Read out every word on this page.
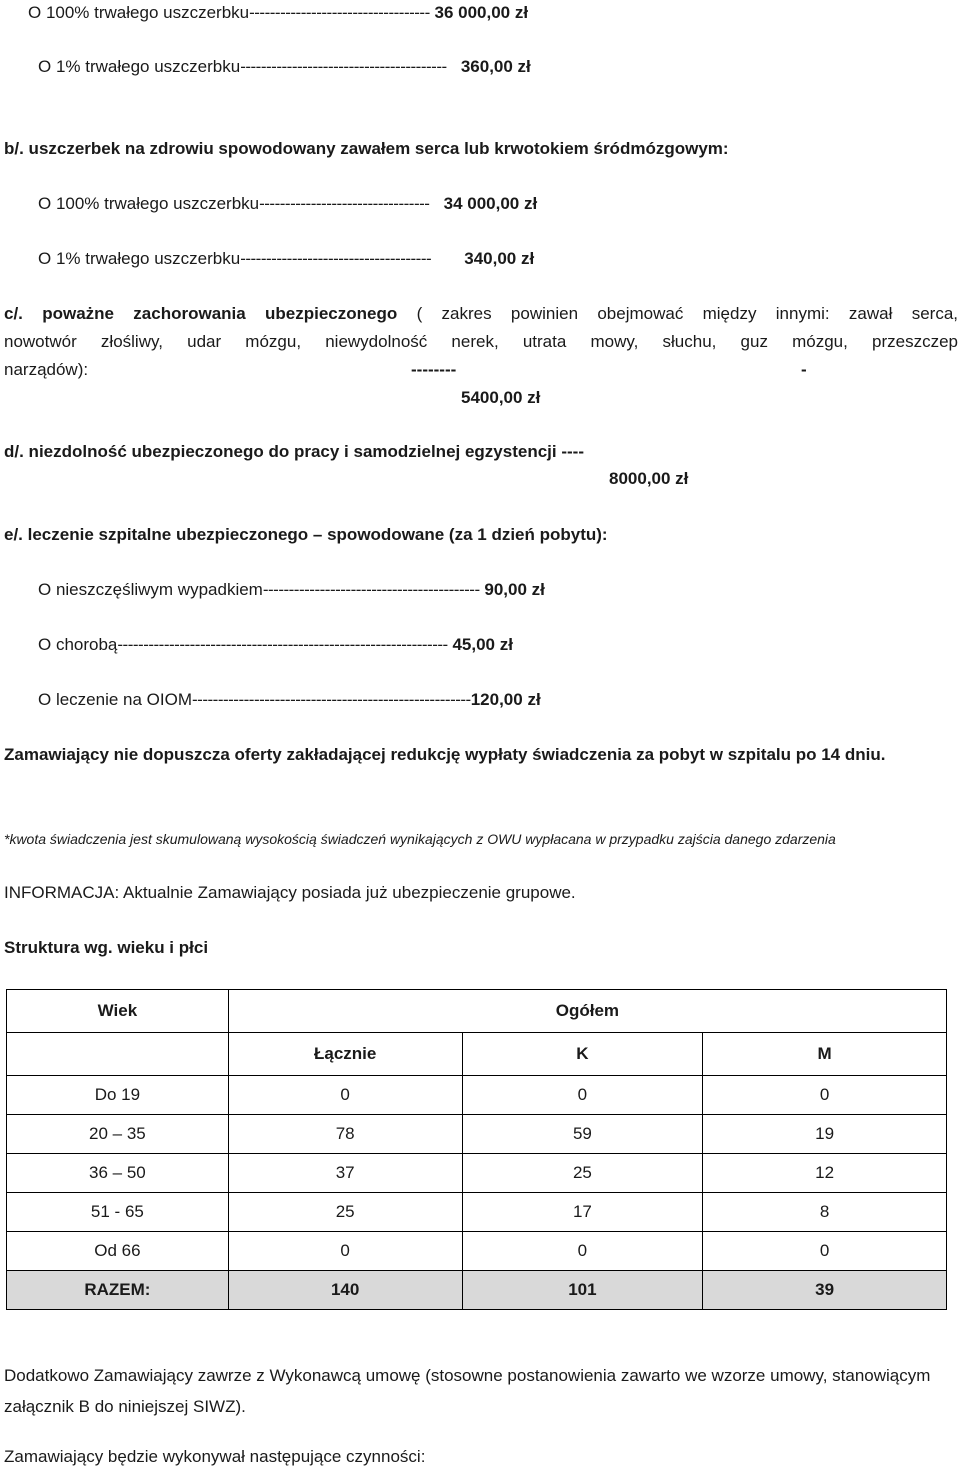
O 100% trwałego uszczerbku----------------------------------- 36 000,00 zł
O 1% trwałego uszczerbku---------------------------------------- 360,00 zł
b/. uszczerbek na zdrowiu spowodowany zawałem serca lub krwotokiem śródmózgowym:
O 100% trwałego uszczerbku--------------------------------- 34 000,00 zł
O 1% trwałego uszczerbku------------------------------------- 340,00 zł
c/. poważne zachorowania ubezpieczonego ( zakres powinien obejmować między innymi: zawał serca,
nowotwór złośliwy, udar mózgu, niewydolność nerek, utrata mowy, słuchu, guz mózgu, przeszczep
narządów):	--------	-
5400,00 zł
d/. niezdolność ubezpieczonego do pracy i samodzielnej egzystencji ----
8000,00 zł
e/. leczenie szpitalne ubezpieczonego – spowodowane (za 1 dzień pobytu):
O nieszczęśliwym wypadkiem------------------------------------------ 90,00 zł
O chorobą---------------------------------------------------------------- 45,00 zł
O leczenie na OIOM------------------------------------------------------120,00 zł
Zamawiający nie dopuszcza oferty zakładającej redukcję wypłaty świadczenia za pobyt w szpitalu po 14 dniu.
*kwota świadczenia jest skumulowaną wysokością świadczeń wynikających z OWU wypłacana w przypadku zajścia danego zdarzenia
INFORMACJA: Aktualnie Zamawiający posiada już ubezpieczenie grupowe.
Struktura wg. wieku i płci
Wiek	Ogółem		
	Łącznie	K	M
Do 19	0	0	0
20 – 35	78	59	19
36 – 50	37	25	12
51 - 65	25	17	8
Od 66	0	0	0
RAZEM:	140	101	39
Dodatkowo Zamawiający zawrze z Wykonawcą umowę (stosowne postanowienia zawarto we wzorze umowy, stanowiącym załącznik B do niniejszej SIWZ).
Zamawiający będzie wykonywał następujące czynności:
